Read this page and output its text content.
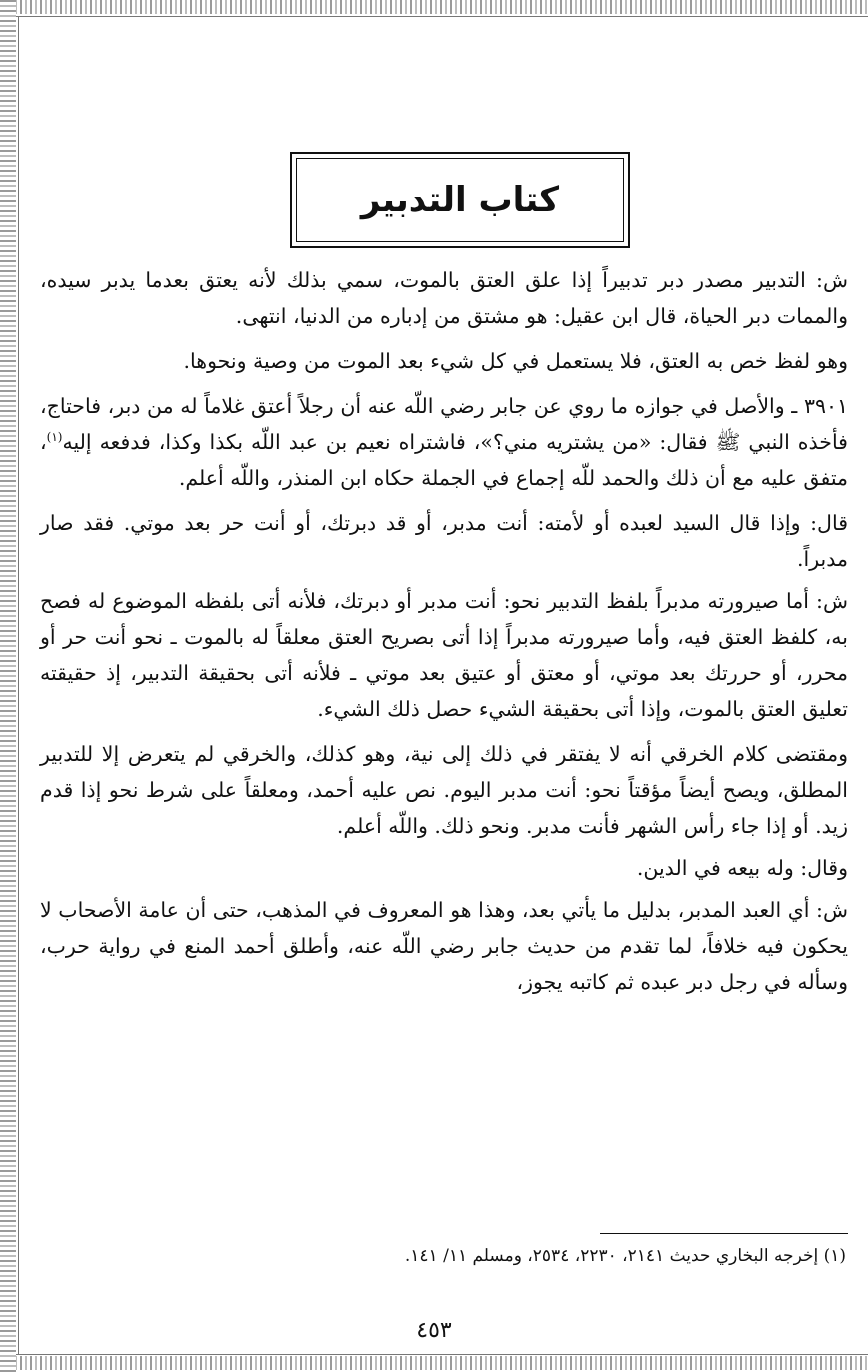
كتاب التدبير

ش: التدبير مصدر دبر تدبيراً إذا علق العتق بالموت، سمي بذلك لأنه يعتق بعدما يدبر سيده، والممات دبر الحياة، قال ابن عقيل: هو مشتق من إدباره من الدنيا، انتهى.

وهو لفظ خص به العتق، فلا يستعمل في كل شيء بعد الموت من وصية ونحوها.

٣٩٠١ ـ والأصل في جوازه ما روي عن جابر رضي اللّه عنه أن رجلاً أعتق غلاماً له من دبر، فاحتاج، فأخذه النبي ﷺ فقال: «من يشتريه مني؟»، فاشتراه نعيم بن عبد اللّه بكذا وكذا، فدفعه إليه$^{(١)}$، متفق عليه مع أن ذلك والحمد للّه إجماع في الجملة حكاه ابن المنذر، واللّه أعلم.

قال: وإذا قال السيد لعبده أو لأمته: أنت مدبر، أو قد دبرتك، أو أنت حر بعد موتي. فقد صار مدبراً.

ش: أما صيرورته مدبراً بلفظ التدبير نحو: أنت مدبر أو دبرتك، فلأنه أتى بلفظه الموضوع له فصح به، كلفظ العتق فيه، وأما صيرورته مدبراً إذا أتى بصريح العتق معلقاً له بالموت ـ نحو أنت حر أو محرر، أو حررتك بعد موتي، أو معتق أو عتيق بعد موتي ـ فلأنه أتى بحقيقة التدبير، إذ حقيقته تعليق العتق بالموت، وإذا أتى بحقيقة الشيء حصل ذلك الشيء.

ومقتضى كلام الخرقي أنه لا يفتقر في ذلك إلى نية، وهو كذلك، والخرقي لم يتعرض إلا للتدبير المطلق، ويصح أيضاً مؤقتاً نحو: أنت مدبر اليوم. نص عليه أحمد، ومعلقاً على شرط نحو إذا قدم زيد. أو إذا جاء رأس الشهر فأنت مدبر. ونحو ذلك. واللّه أعلم.

وقال: وله بيعه في الدين.

ش: أي العبد المدبر، بدليل ما يأتي بعد، وهذا هو المعروف في المذهب، حتى أن عامة الأصحاب لا يحكون فيه خلافاً، لما تقدم من حديث جابر رضي اللّه عنه، وأطلق أحمد المنع في رواية حرب، وسأله في رجل دبر عبده ثم كاتبه يجوز،

(١) إخرجه البخاري حديث ٢١٤١، ٢٢٣٠، ٢٥٣٤، ومسلم ١١/ ١٤١.
٤٥٣
